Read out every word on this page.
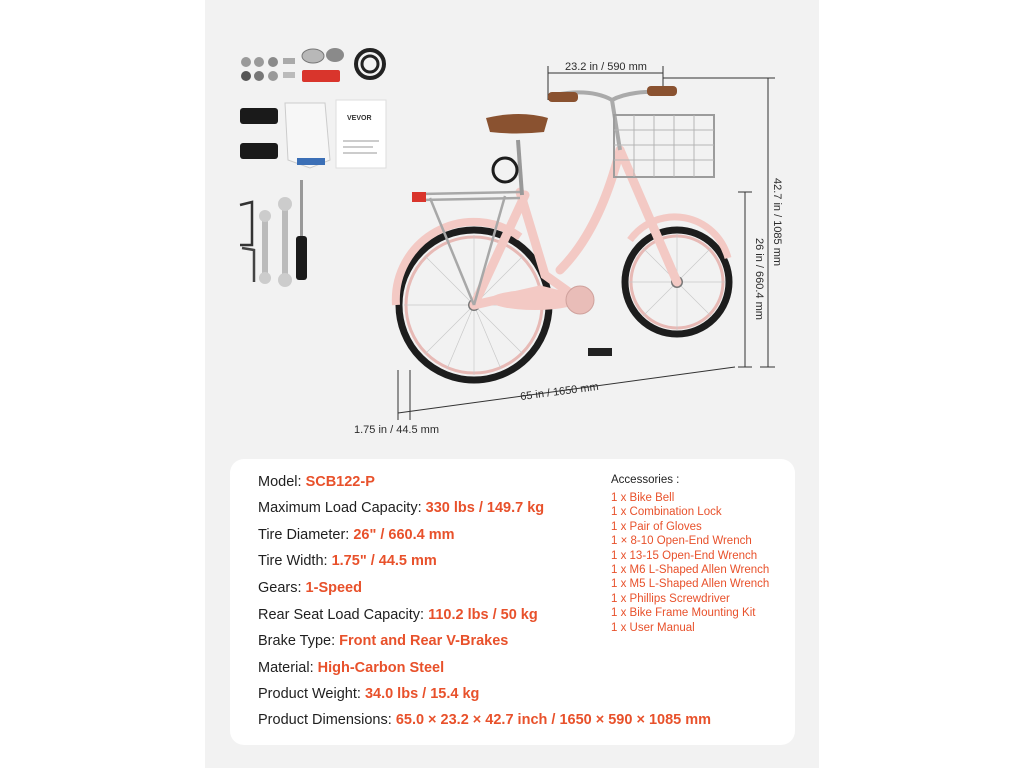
VEVOR
23.2 in / 590 mm
42.7 in / 1085 mm
26 in / 660.4 mm
65 in / 1650 mm
1.75 in / 44.5 mm
Model: SCB122-P
Maximum Load Capacity: 330 lbs / 149.7 kg
Tire Diameter: 26" / 660.4 mm
Tire Width: 1.75" / 44.5 mm
Gears: 1-Speed
Rear Seat Load Capacity: 110.2 lbs / 50 kg
Brake Type: Front and Rear V-Brakes
Material: High-Carbon Steel
Product Weight: 34.0 lbs / 15.4 kg
Product Dimensions: 65.0 × 23.2 × 42.7 inch / 1650 × 590 × 1085 mm
Accessories :
1 x Bike Bell
1 x Combination Lock
1 x Pair of Gloves
1 × 8-10 Open-End Wrench
1 x 13-15 Open-End Wrench
1 x M6 L-Shaped Allen Wrench
1 x M5 L-Shaped Allen Wrench
1 x Phillips Screwdriver
1 x Bike Frame Mounting Kit
1 x User Manual
